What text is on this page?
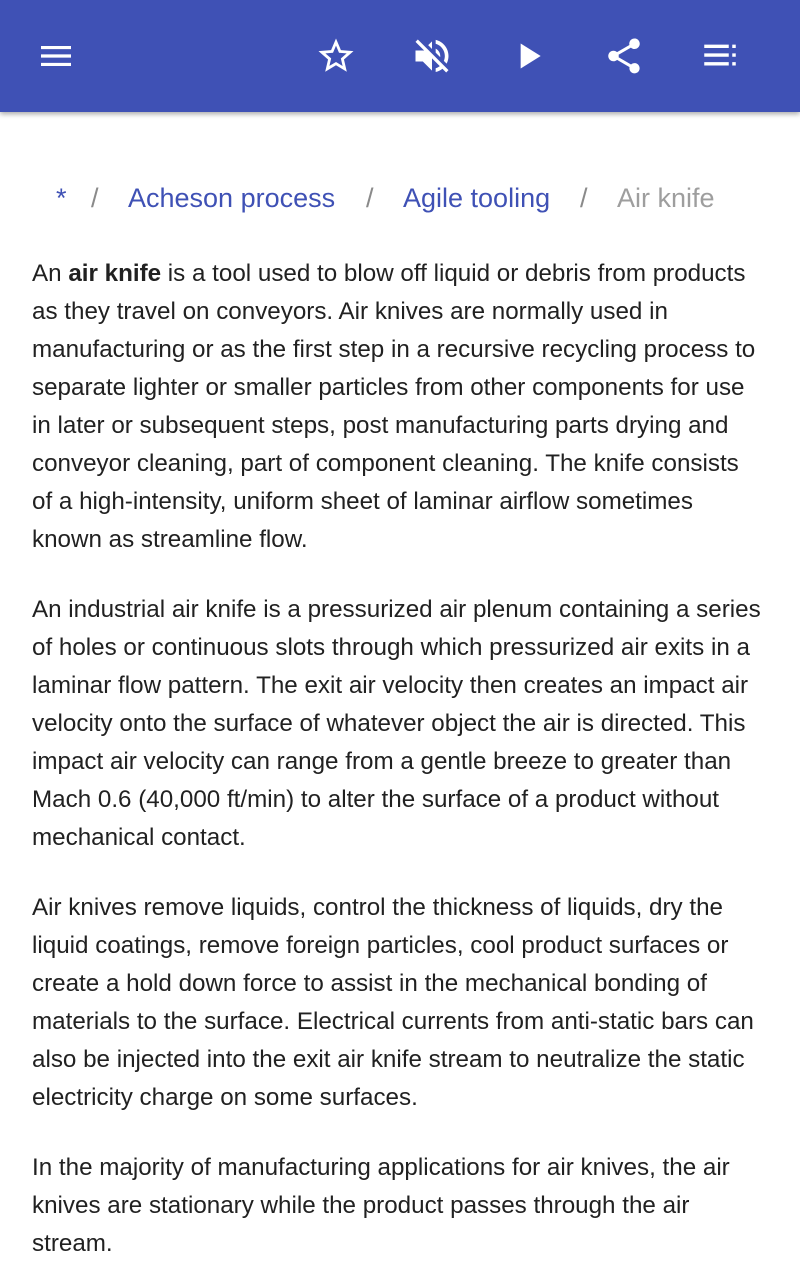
* / Acheson process / Agile tooling / Air knife

An air knife is a tool used to blow off liquid or debris from products as they travel on conveyors. Air knives are normally used in manufacturing or as the first step in a recursive recycling process to separate lighter or smaller particles from other components for use in later or subsequent steps, post manufacturing parts drying and conveyor cleaning, part of component cleaning. The knife consists of a high-intensity, uniform sheet of laminar airflow sometimes known as streamline flow.

An industrial air knife is a pressurized air plenum containing a series of holes or continuous slots through which pressurized air exits in a laminar flow pattern. The exit air velocity then creates an impact air velocity onto the surface of whatever object the air is directed. This impact air velocity can range from a gentle breeze to greater than Mach 0.6 (40,000 ft/min) to alter the surface of a product without mechanical contact.

Air knives remove liquids, control the thickness of liquids, dry the liquid coatings, remove foreign particles, cool product surfaces or create a hold down force to assist in the mechanical bonding of materials to the surface. Electrical currents from anti-static bars can also be injected into the exit air knife stream to neutralize the static electricity charge on some surfaces.

In the majority of manufacturing applications for air knives, the air knives are stationary while the product passes through the air stream.
